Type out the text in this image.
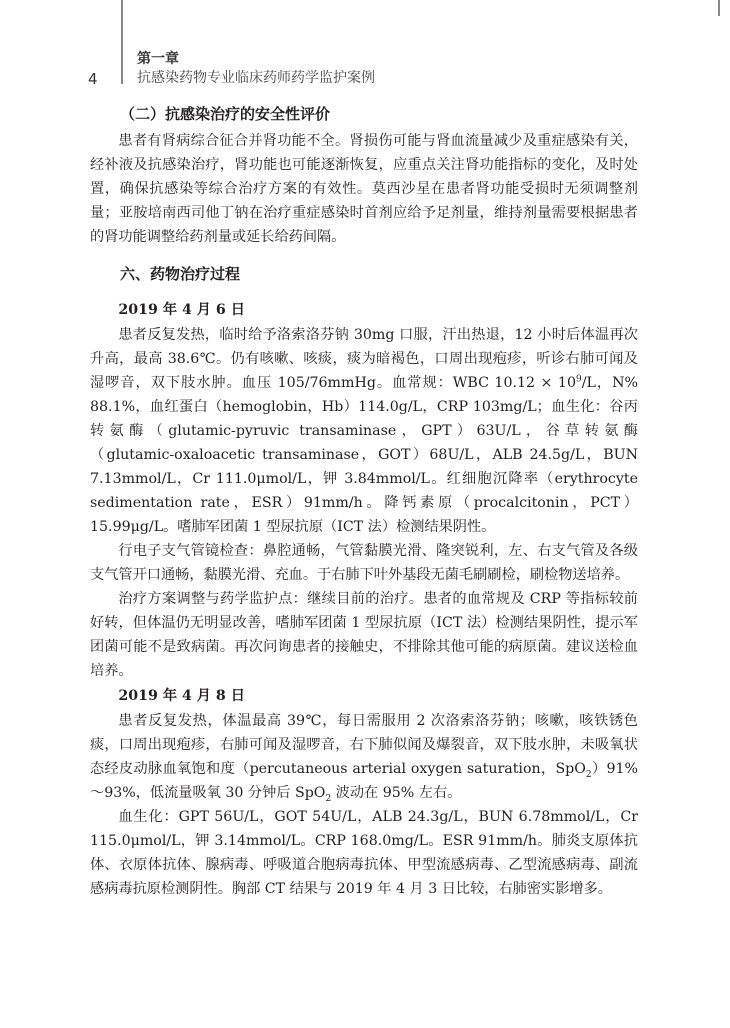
4
第一章
抗感染药物专业临床药师药学监护案例
（二）抗感染治疗的安全性评价

患者有肾病综合征合并肾功能不全。肾损伤可能与肾血流量减少及重症感染有关，经补液及抗感染治疗，肾功能也可能逐渐恢复，应重点关注肾功能指标的变化，及时处置，确保抗感染等综合治疗方案的有效性。莫西沙星在患者肾功能受损时无须调整剂量；亚胺培南西司他丁钠在治疗重症感染时首剂应给予足剂量，维持剂量需要根据患者的肾功能调整给药剂量或延长给药间隔。

六、药物治疗过程
2019 年 4 月 6 日

患者反复发热，临时给予洛索洛芬钠 30mg 口服，汗出热退，12 小时后体温再次升高，最高 38.6℃。仍有咳嗽、咳痰，痰为暗褐色，口周出现疱疹，听诊右肺可闻及湿啰音，双下肢水肿。血压 105/76mmHg。血常规：WBC $10.12 \times 10^9/L$，N% 88.1%，血红蛋白（hemoglobin，Hb）114.0g/L，CRP 103mg/L；血生化：谷丙转氨酶（glutamic-pyruvic transaminase，GPT）63U/L，谷草转氨酶（glutamic-oxaloacetic transaminase，GOT）68U/L，ALB 24.5g/L，BUN 7.13mmol/L，Cr 111.0μmol/L，钾 3.84mmol/L。红细胞沉降率（erythrocyte sedimentation rate，ESR）91mm/h。降钙素原（procalcitonin，PCT）15.99μg/L。嗜肺军团菌 1 型尿抗原（ICT 法）检测结果阴性。

行电子支气管镜检查：鼻腔通畅，气管黏膜光滑、隆突锐利，左、右支气管及各级支气管开口通畅，黏膜光滑、充血。于右肺下叶外基段无菌毛刷刷检，刷检物送培养。

治疗方案调整与药学监护点：继续目前的治疗。患者的血常规及 CRP 等指标较前好转，但体温仍无明显改善，嗜肺军团菌 1 型尿抗原（ICT 法）检测结果阴性，提示军团菌可能不是致病菌。再次问询患者的接触史，不排除其他可能的病原菌。建议送检血培养。

2019 年 4 月 8 日

患者反复发热，体温最高 39℃，每日需服用 2 次洛索洛芬钠；咳嗽，咳铁锈色痰，口周出现疱疹，右肺可闻及湿啰音，右下肺似闻及爆裂音，双下肢水肿，未吸氧状态经皮动脉血氧饱和度（percutaneous arterial oxygen saturation，SpO$_2$）91%～93%，低流量吸氧 30 分钟后 SpO$_2$ 波动在 95% 左右。

血生化：GPT 56U/L，GOT 54U/L，ALB 24.3g/L，BUN 6.78mmol/L，Cr 115.0μmol/L，钾 3.14mmol/L。CRP 168.0mg/L。ESR 91mm/h。肺炎支原体抗体、衣原体抗体、腺病毒、呼吸道合胞病毒抗体、甲型流感病毒、乙型流感病毒、副流感病毒抗原检测阴性。胸部 CT 结果与 2019 年 4 月 3 日比较，右肺密实影增多。
